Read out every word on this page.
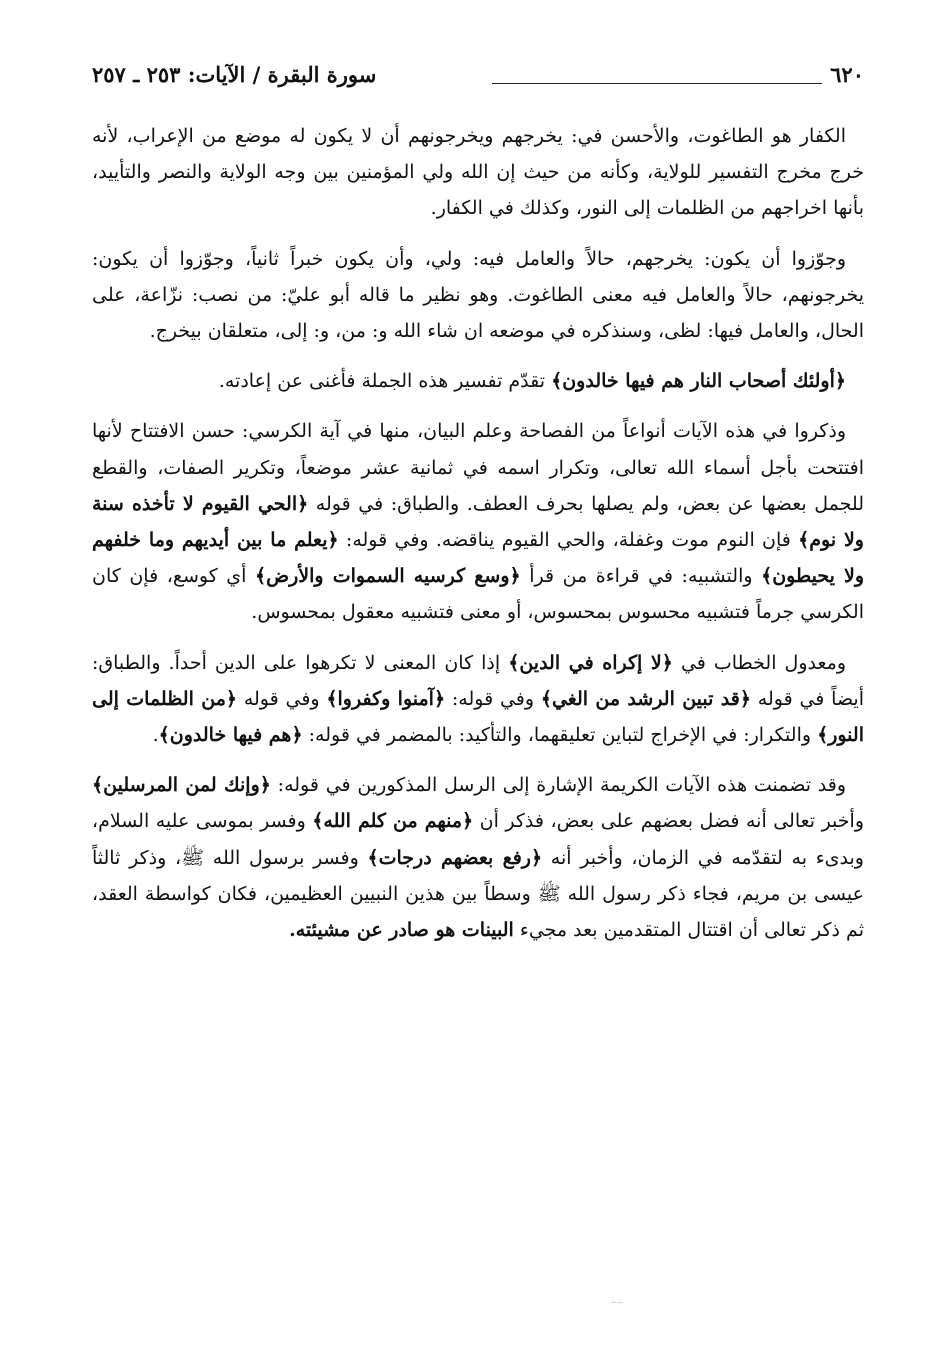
٦٢٠
سورة البقرة / الآيات: ٢٥٣ ـ ٢٥٧

الكفار هو الطاغوت، والأحسن في: يخرجهم ويخرجونهم أن لا يكون له موضع من الإعراب، لأنه خرج مخرج التفسير للولاية، وكأنه من حيث إن الله ولي المؤمنين بين وجه الولاية والنصر والتأييد، بأنها اخراجهم من الظلمات إلى النور، وكذلك في الكفار.

وجوّزوا أن يكون: يخرجهم، حالاً والعامل فيه: ولي، وأن يكون خبراً ثانياً، وجوّزوا أن يكون: يخرجونهم، حالاً والعامل فيه معنى الطاغوت. وهو نظير ما قاله أبو عليّ: من نصب: نزّاعة، على الحال، والعامل فيها: لظى، وسنذكره في موضعه ان شاء الله و: من، و: إلى، متعلقان بيخرج.

﴿أولئك أصحاب النار هم فيها خالدون﴾ تقدّم تفسير هذه الجملة فأغنى عن إعادته.

وذكروا في هذه الآيات أنواعاً من الفصاحة وعلم البيان، منها في آية الكرسي: حسن الافتتاح لأنها افتتحت بأجل أسماء الله تعالى، وتكرار اسمه في ثمانية عشر موضعاً، وتكرير الصفات، والقطع للجمل بعضها عن بعض، ولم يصلها بحرف العطف. والطباق: في قوله ﴿الحي القيوم لا تأخذه سنة ولا نوم﴾ فإن النوم موت وغفلة، والحي القيوم يناقضه. وفي قوله: ﴿يعلم ما بين أيديهم وما خلفهم ولا يحيطون﴾ والتشبيه: في قراءة من قرأ ﴿وسع كرسيه السموات والأرض﴾ أي كوسع، فإن كان الكرسي جرماً فتشبيه محسوس بمحسوس، أو معنى فتشبيه معقول بمحسوس.

ومعدول الخطاب في ﴿لا إكراه في الدين﴾ إذا كان المعنى لا تكرهوا على الدين أحداً. والطباق: أيضاً في قوله ﴿قد تبين الرشد من الغي﴾ وفي قوله: ﴿آمنوا وكفروا﴾ وفي قوله ﴿من الظلمات إلى النور﴾ والتكرار: في الإخراج لتباين تعليقهما، والتأكيد: بالمضمر في قوله: ﴿هم فيها خالدون﴾.

وقد تضمنت هذه الآيات الكريمة الإشارة إلى الرسل المذكورين في قوله: ﴿وإنك لمن المرسلين﴾ وأخبر تعالى أنه فضل بعضهم على بعض، فذكر أن ﴿منهم من كلم الله﴾ وفسر بموسى عليه السلام، وبدىء به لتقدّمه في الزمان، وأخبر أنه ﴿رفع بعضهم درجات﴾ وفسر برسول الله ﷺ، وذكر ثالثاً عيسى بن مريم، فجاء ذكر رسول الله ﷺ وسطاً بين هذين النبيين العظيمين، فكان كواسطة العقد، ثم ذكر تعالى أن اقتتال المتقدمين بعد مجيء البينات هو صادر عن مشيئته.
